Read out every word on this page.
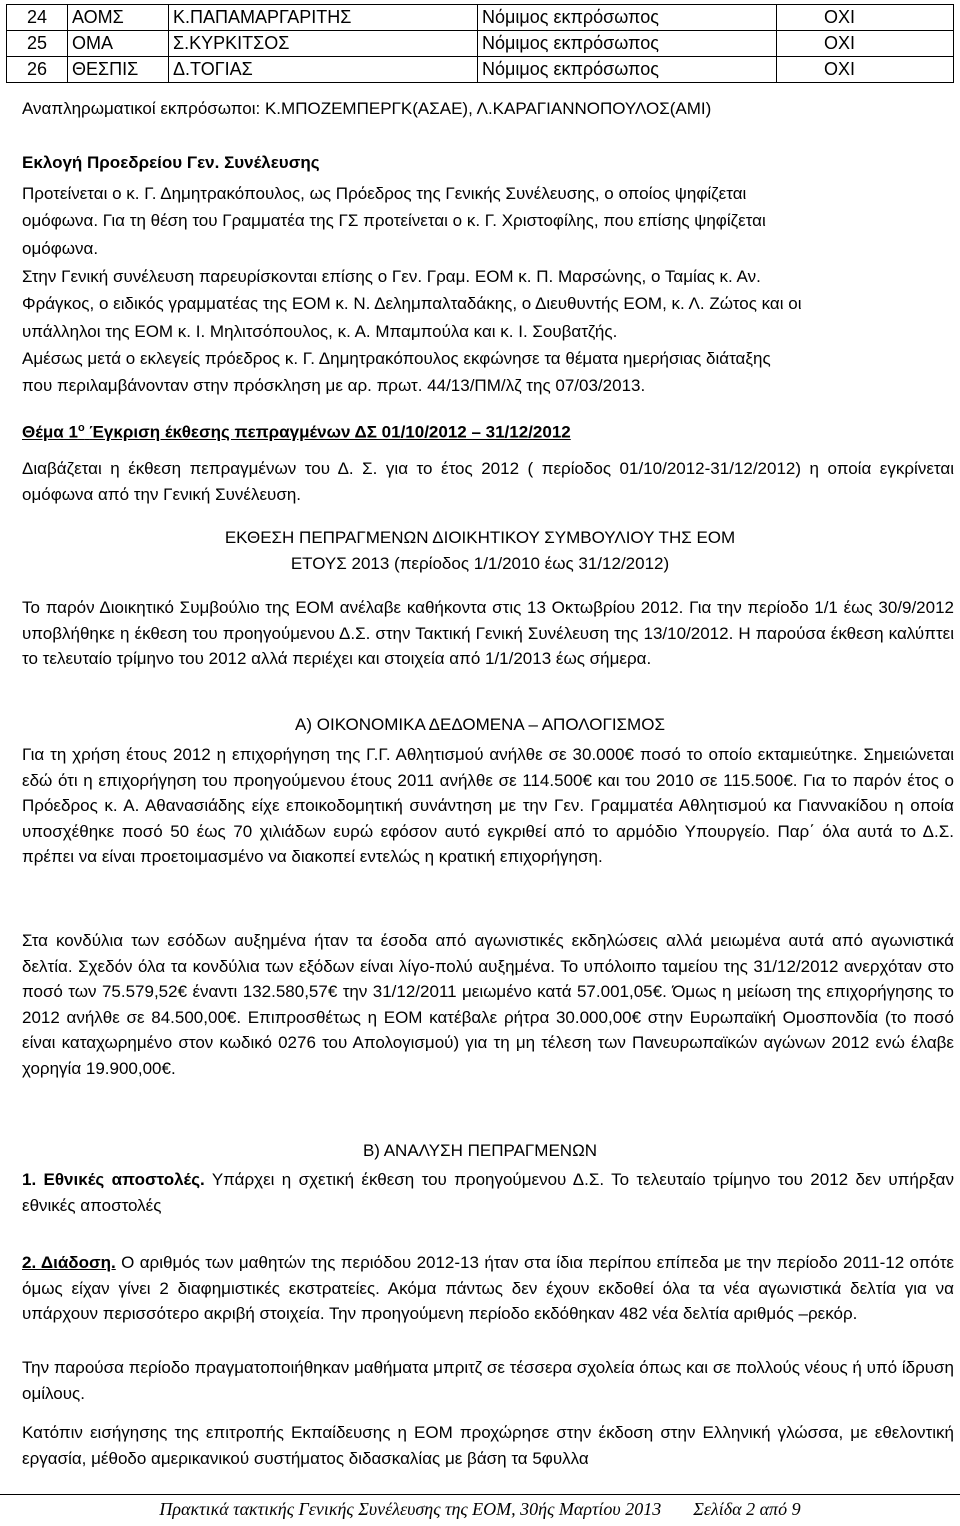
24	ΑΟΜΣ	Κ.ΠΑΠΑΜΑΡΓΑΡΙΤΗΣ	Νόμιμος εκπρόσωπος	ΟΧΙ
25	ΟΜΑ	Σ.ΚΥΡΚΙΤΣΟΣ	Νόμιμος εκπρόσωπος	ΟΧΙ
26	ΘΕΣΠΙΣ	Δ.ΤΟΓΙΑΣ	Νόμιμος εκπρόσωπος	ΟΧΙ
Αναπληρωματικοί εκπρόσωποι: Κ.ΜΠΟΖΕΜΠΕΡΓΚ(ΑΣΑΕ), Λ.ΚΑΡΑΓΙΑΝΝΟΠΟΥΛΟΣ(ΑΜΙ)
Εκλογή Προεδρείου Γεν. Συνέλευσης
Προτείνεται ο κ. Γ. Δημητρακόπουλος, ως Πρόεδρος της Γενικής Συνέλευσης, ο οποίος ψηφίζεται
ομόφωνα. Για τη θέση του Γραμματέα της ΓΣ προτείνεται ο κ. Γ. Χριστοφίλης, που επίσης ψηφίζεται
ομόφωνα.
Στην Γενική συνέλευση παρευρίσκονται επίσης ο Γεν. Γραμ. ΕΟΜ κ. Π. Μαρσώνης, ο Ταμίας κ. Αν.
Φράγκος, ο ειδικός γραμματέας της ΕΟΜ κ. Ν. Δελημπαλταδάκης, ο Διευθυντής ΕΟΜ, κ. Λ. Ζώτος και οι
υπάλληλοι της ΕΟΜ κ. Ι. Μηλιτσόπουλος, κ. Α. Μπαμπούλα και κ. Ι. Σουβατζής.
Αμέσως μετά ο εκλεγείς πρόεδρος κ. Γ. Δημητρακόπουλος εκφώνησε τα θέματα ημερήσιας διάταξης
που περιλαμβάνονταν στην πρόσκληση με αρ. πρωτ. 44/13/ΠΜ/λζ της 07/03/2013.
Θέμα $1^o$ Έγκριση έκθεσης πεπραγμένων ΔΣ 01/10/2012 – 31/12/2012
Διαβάζεται η έκθεση πεπραγμένων του Δ. Σ. για το έτος 2012 ( περίοδος 01/10/2012-31/12/2012) η οποία εγκρίνεται ομόφωνα από την Γενική Συνέλευση.
ΕΚΘΕΣΗ ΠΕΠΡΑΓΜΕΝΩΝ ΔΙΟΙΚΗΤΙΚΟΥ ΣΥΜΒΟΥΛΙΟΥ ΤΗΣ ΕΟΜ
ΕΤΟΥΣ 2013 (περίοδος 1/1/2010 έως 31/12/2012)
Το παρόν Διοικητικό Συμβούλιο της ΕΟΜ ανέλαβε καθήκοντα στις 13 Οκτωβρίου 2012. Για την περίοδο 1/1 έως 30/9/2012 υποβλήθηκε η έκθεση του προηγούμενου Δ.Σ. στην Τακτική Γενική Συνέλευση της 13/10/2012. Η παρούσα έκθεση καλύπτει το τελευταίο τρίμηνο του 2012 αλλά περιέχει και στοιχεία από 1/1/2013 έως σήμερα.
Α) ΟΙΚΟΝΟΜΙΚΑ ΔΕΔΟΜΕΝΑ – ΑΠΟΛΟΓΙΣΜΟΣ
Για τη χρήση έτους 2012 η επιχορήγηση της Γ.Γ. Αθλητισμού ανήλθε σε 30.000€ ποσό το οποίο εκταμιεύτηκε. Σημειώνεται εδώ ότι η επιχορήγηση του προηγούμενου έτους 2011 ανήλθε σε 114.500€ και του 2010 σε 115.500€. Για το παρόν έτος ο Πρόεδρος κ. Α. Αθανασιάδης είχε εποικοδομητική συνάντηση με την Γεν. Γραμματέα Αθλητισμού κα Γιαννακίδου η οποία υποσχέθηκε ποσό 50 έως 70 χιλιάδων ευρώ εφόσον αυτό εγκριθεί από το αρμόδιο Υπουργείο. Παρ΄ όλα αυτά το Δ.Σ. πρέπει να είναι προετοιμασμένο να διακοπεί εντελώς η κρατική επιχορήγηση.
Στα κονδύλια των εσόδων αυξημένα ήταν τα έσοδα από αγωνιστικές εκδηλώσεις αλλά μειωμένα αυτά από αγωνιστικά δελτία. Σχεδόν όλα τα κονδύλια των εξόδων είναι λίγο-πολύ αυξημένα. Το υπόλοιπο ταμείου της 31/12/2012 ανερχόταν στο ποσό των 75.579,52€ έναντι 132.580,57€ την 31/12/2011 μειωμένο κατά 57.001,05€. Όμως η μείωση της επιχορήγησης το 2012 ανήλθε σε 84.500,00€. Επιπροσθέτως η ΕΟΜ κατέβαλε ρήτρα 30.000,00€ στην Ευρωπαϊκή Ομοσπονδία (το ποσό είναι καταχωρημένο στον κωδικό 0276 του Απολογισμού) για τη μη τέλεση των Πανευρωπαϊκών αγώνων 2012 ενώ έλαβε χορηγία 19.900,00€.
Β) ΑΝΑΛΥΣΗ ΠΕΠΡΑΓΜΕΝΩΝ
1. Εθνικές αποστολές. Υπάρχει η σχετική έκθεση του προηγούμενου Δ.Σ. Το τελευταίο τρίμηνο του 2012 δεν υπήρξαν εθνικές αποστολές
2. Διάδοση. Ο αριθμός των μαθητών της περιόδου 2012-13 ήταν στα ίδια περίπου επίπεδα με την περίοδο 2011-12 οπότε όμως είχαν γίνει 2 διαφημιστικές εκστρατείες. Ακόμα πάντως δεν έχουν εκδοθεί όλα τα νέα αγωνιστικά δελτία για να υπάρχουν περισσότερο ακριβή στοιχεία. Την προηγούμενη περίοδο εκδόθηκαν 482 νέα δελτία αριθμός –ρεκόρ.
Την παρούσα περίοδο πραγματοποιήθηκαν μαθήματα μπριτζ σε τέσσερα σχολεία όπως και σε πολλούς νέους ή υπό ίδρυση ομίλους.
Κατόπιν εισήγησης της επιτροπής Εκπαίδευσης η ΕΟΜ προχώρησε στην έκδοση στην Ελληνική γλώσσα, με εθελοντική εργασία, μέθοδο αμερικανικού συστήματος διδασκαλίας με βάση τα 5φυλλα
Πρακτικά τακτικής Γενικής Συνέλευσης της ΕΟΜ, 30ής Μαρτίου 2013 Σελίδα 2 από 9
